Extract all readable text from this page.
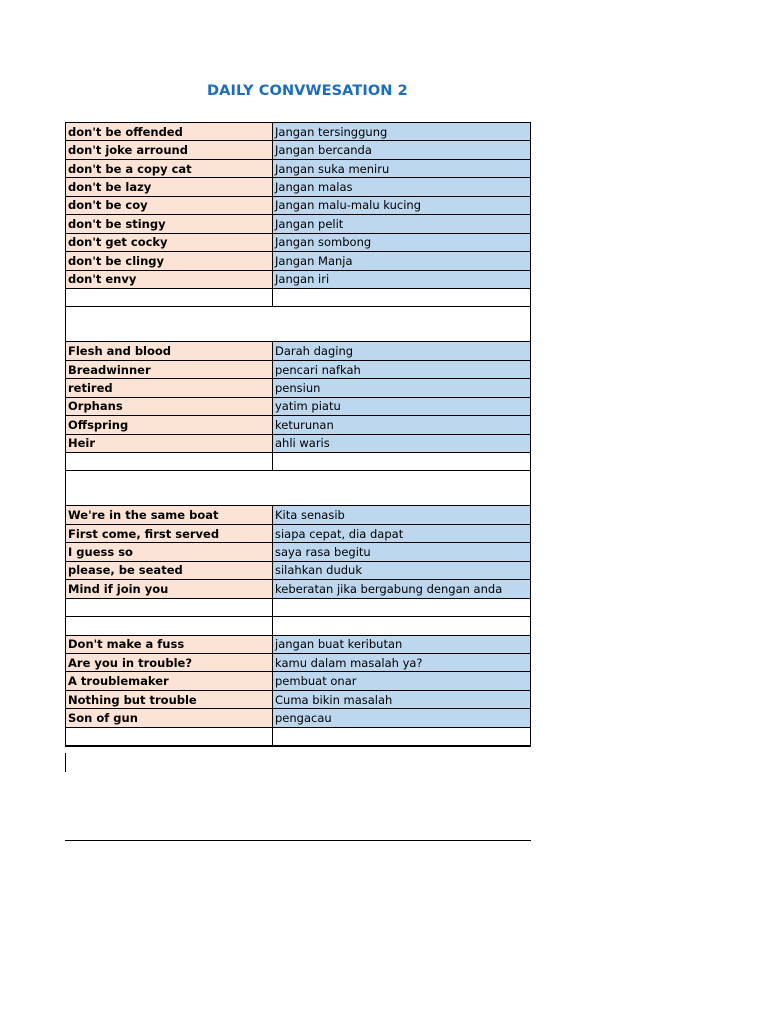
DAILY CONVWESATION 2
don't be offended	Jangan tersinggung
don't joke arround	Jangan bercanda
don't be a copy cat	Jangan suka meniru
don't be lazy	Jangan malas
don't be coy	Jangan malu-malu kucing
don't be stingy	Jangan pelit
don't get cocky	Jangan sombong
don't be clingy	Jangan Manja
don't envy	Jangan iri

Flesh and blood	Darah daging
Breadwinner	pencari nafkah
retired	pensiun
Orphans	yatim piatu
Offspring	keturunan
Heir	ahli waris

We're in the same boat	Kita senasib
First come, first served	siapa cepat, dia dapat
I guess so	saya rasa begitu
please, be seated	silahkan duduk
Mind if join you	keberatan jika bergabung dengan anda

Don't make a fuss	jangan buat keributan
Are you in trouble?	kamu dalam masalah ya?
A troublemaker	pembuat onar
Nothing but trouble	Cuma bikin masalah
Son of gun	pengacau
